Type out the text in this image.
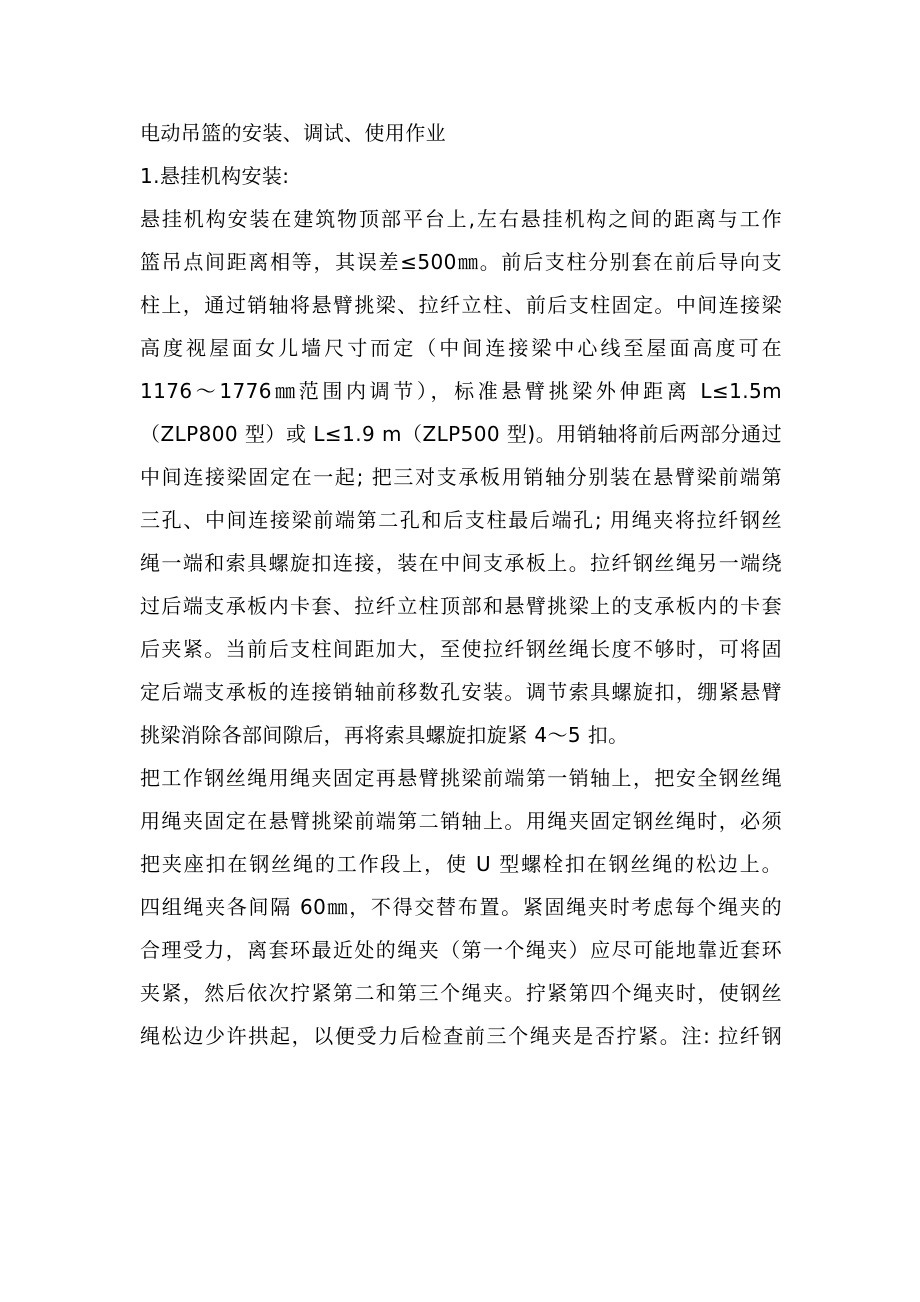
电动吊篮的安装、调试、使用作业
1.悬挂机构安装:
悬挂机构安装在建筑物顶部平台上,左右悬挂机构之间的距离与工作
篮吊点间距离相等，其误差≤500㎜。前后支柱分别套在前后导向支
柱上，通过销轴将悬臂挑梁、拉纤立柱、前后支柱固定。中间连接梁
高度视屋面女儿墙尺寸而定（中间连接梁中心线至屋面高度可在
1176～1776㎜范围内调节），标准悬臂挑梁外伸距离 L≤1.5m
（ZLP800 型）或 L≤1.9 m（ZLP500 型)。用销轴将前后两部分通过
中间连接梁固定在一起; 把三对支承板用销轴分别装在悬臂梁前端第
三孔、中间连接梁前端第二孔和后支柱最后端孔; 用绳夹将拉纤钢丝
绳一端和索具螺旋扣连接，装在中间支承板上。拉纤钢丝绳另一端绕
过后端支承板内卡套、拉纤立柱顶部和悬臂挑梁上的支承板内的卡套
后夹紧。当前后支柱间距加大，至使拉纤钢丝绳长度不够时，可将固
定后端支承板的连接销轴前移数孔安装。调节索具螺旋扣，绷紧悬臂
挑梁消除各部间隙后，再将索具螺旋扣旋紧 4～5 扣。
把工作钢丝绳用绳夹固定再悬臂挑梁前端第一销轴上，把安全钢丝绳
用绳夹固定在悬臂挑梁前端第二销轴上。用绳夹固定钢丝绳时，必须
把夹座扣在钢丝绳的工作段上，使 U 型螺栓扣在钢丝绳的松边上。
四组绳夹各间隔 60㎜，不得交替布置。紧固绳夹时考虑每个绳夹的
合理受力，离套环最近处的绳夹（第一个绳夹）应尽可能地靠近套环
夹紧，然后依次拧紧第二和第三个绳夹。拧紧第四个绳夹时，使钢丝
绳松边少许拱起，以便受力后检查前三个绳夹是否拧紧。注: 拉纤钢
